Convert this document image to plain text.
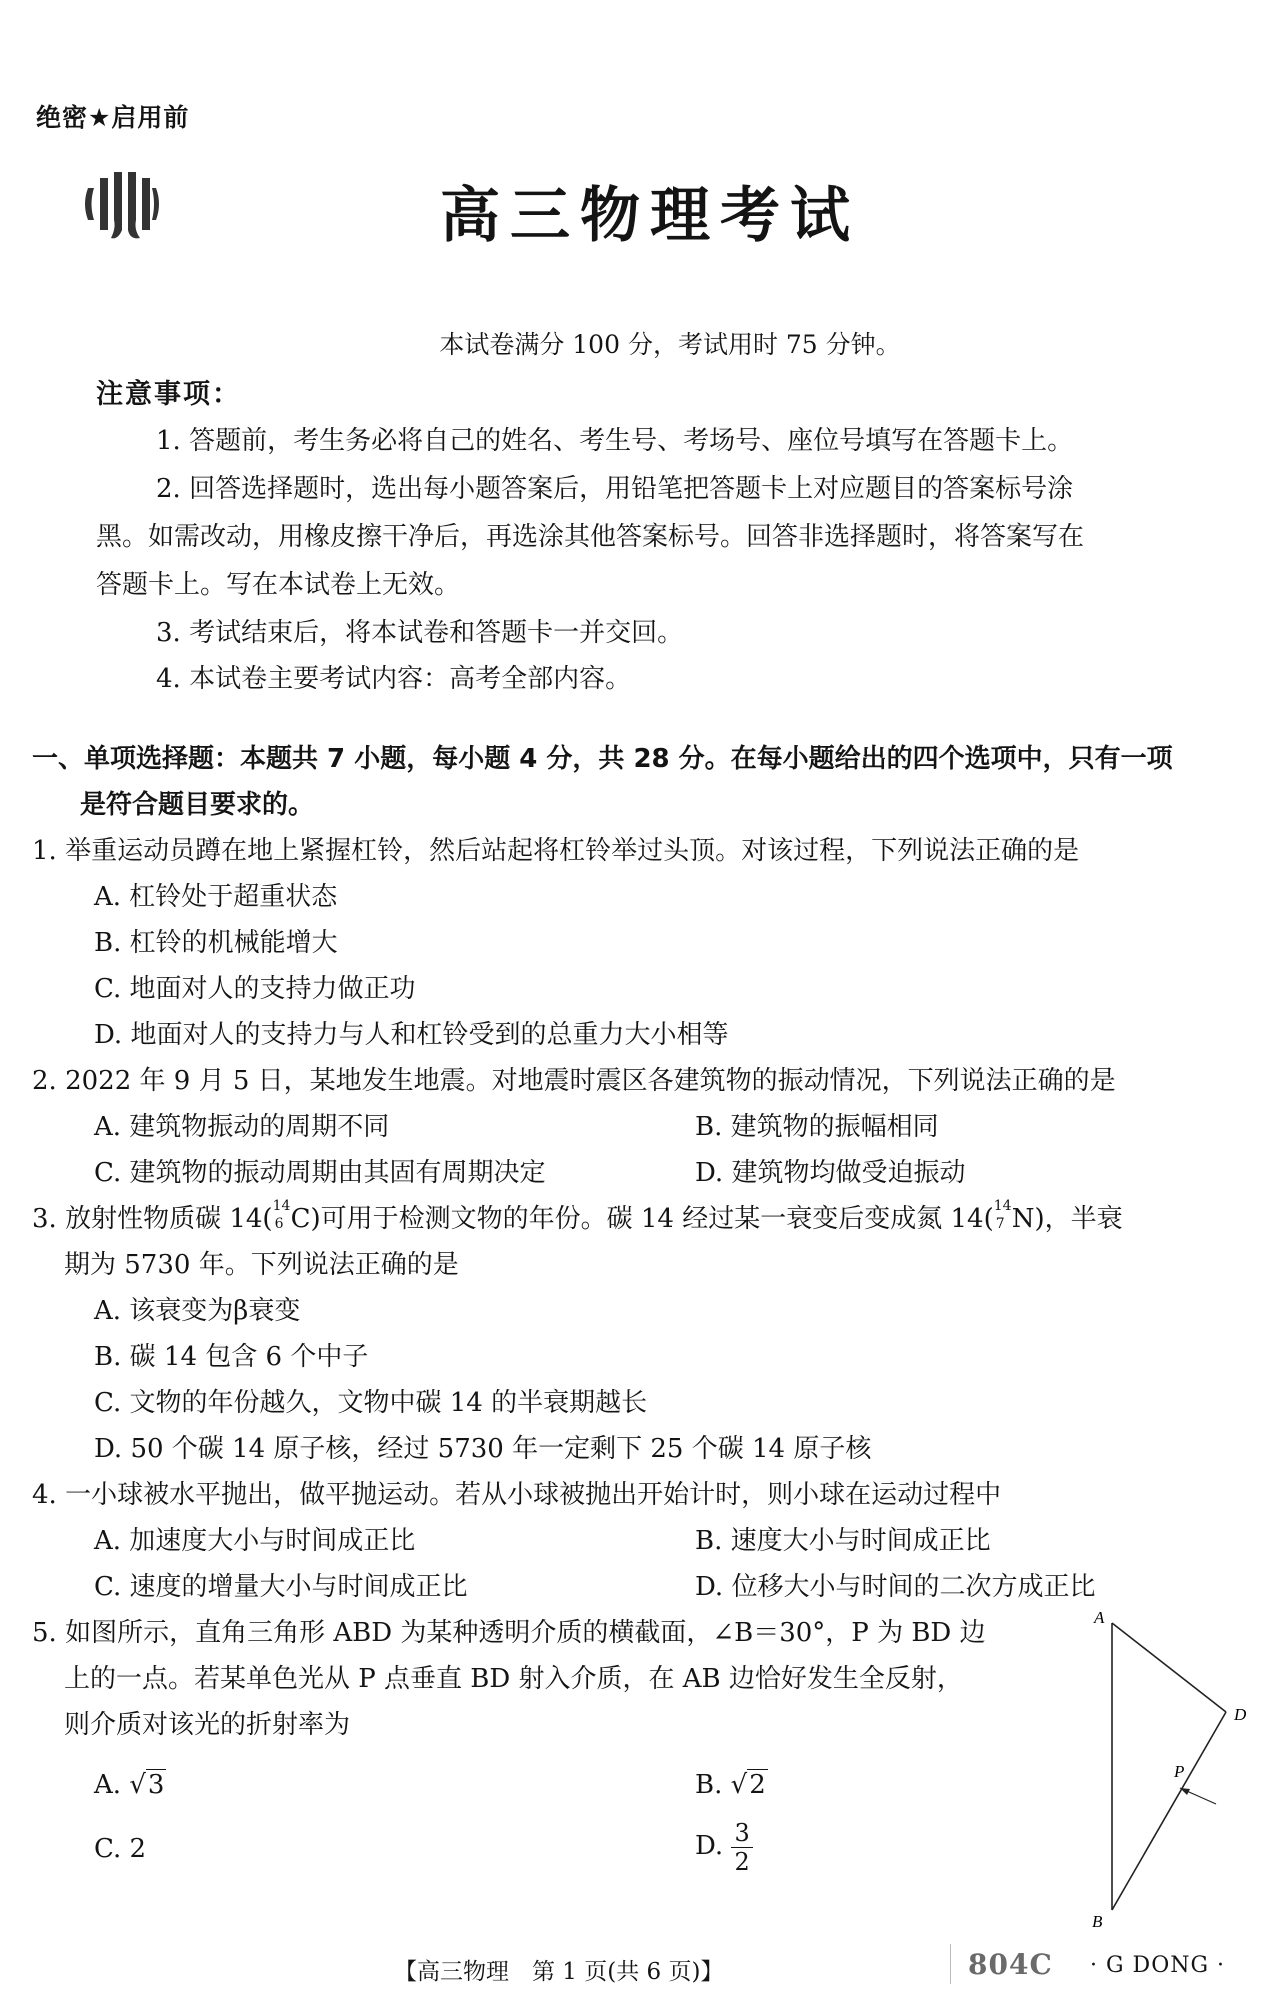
绝密★启用前
高三物理考试
本试卷满分 100 分，考试用时 75 分钟。
注意事项：
1. 答题前，考生务必将自己的姓名、考生号、考场号、座位号填写在答题卡上。
2. 回答选择题时，选出每小题答案后，用铅笔把答题卡上对应题目的答案标号涂
黑。如需改动，用橡皮擦干净后，再选涂其他答案标号。回答非选择题时，将答案写在
答题卡上。写在本试卷上无效。
3. 考试结束后，将本试卷和答题卡一并交回。
4. 本试卷主要考试内容：高考全部内容。
一、单项选择题：本题共 7 小题，每小题 4 分，共 28 分。在每小题给出的四个选项中，只有一项
是符合题目要求的。
1. 举重运动员蹲在地上紧握杠铃，然后站起将杠铃举过头顶。对该过程，下列说法正确的是
A. 杠铃处于超重状态
B. 杠铃的机械能增大
C. 地面对人的支持力做正功
D. 地面对人的支持力与人和杠铃受到的总重力大小相等
2. 2022 年 9 月 5 日，某地发生地震。对地震时震区各建筑物的振动情况，下列说法正确的是
A. 建筑物振动的周期不同	B. 建筑物的振幅相同
C. 建筑物的振动周期由其固有周期决定	D. 建筑物均做受迫振动
3. 放射性物质碳 14( 14
6 C)可用于检测文物的年份。碳 14 经过某一衰变后变成氮 14( 14
7 N)，半衰
期为 5730 年。下列说法正确的是
A. 该衰变为β衰变
B. 碳 14 包含 6 个中子
C. 文物的年份越久，文物中碳 14 的半衰期越长
D. 50 个碳 14 原子核，经过 5730 年一定剩下 25 个碳 14 原子核
4. 一小球被水平抛出，做平抛运动。若从小球被抛出开始计时，则小球在运动过程中
A. 加速度大小与时间成正比	B. 速度大小与时间成正比
C. 速度的增量大小与时间成正比	D. 位移大小与时间的二次方成正比
5. 如图所示，直角三角形 ABD 为某种透明介质的横截面，∠B＝30°，P 为 BD 边
上的一点。若某单色光从 P 点垂直 BD 射入介质，在 AB 边恰好发生全反射，
则介质对该光的折射率为
A. √3	B. √2
C. 2	D. $\frac{3}{2}$
A
D
P
B
【高三物理　第 1 页(共 6 页)】	804C · G DONG ·
